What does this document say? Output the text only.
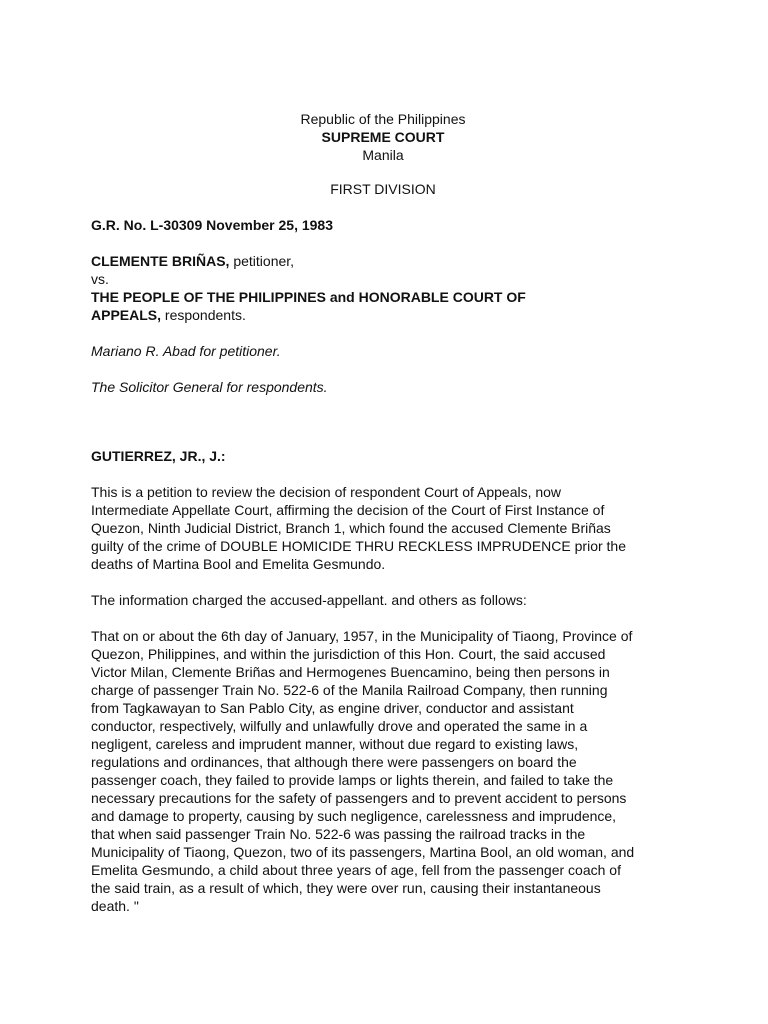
Republic of the Philippines
SUPREME COURT
Manila
FIRST DIVISION
G.R. No. L-30309 November 25, 1983
CLEMENTE BRIÑAS, petitioner,
vs.
THE PEOPLE OF THE PHILIPPINES and HONORABLE COURT OF
APPEALS, respondents.
Mariano R. Abad for petitioner.
The Solicitor General for respondents.
GUTIERREZ, JR., J.:
This is a petition to review the decision of respondent Court of Appeals, now
Intermediate Appellate Court, affirming the decision of the Court of First Instance of
Quezon, Ninth Judicial District, Branch 1, which found the accused Clemente Briñas
guilty of the crime of DOUBLE HOMICIDE THRU RECKLESS IMPRUDENCE prior the
deaths of Martina Bool and Emelita Gesmundo.
The information charged the accused-appellant. and others as follows:
That on or about the 6th day of January, 1957, in the Municipality of Tiaong, Province of
Quezon, Philippines, and within the jurisdiction of this Hon. Court, the said accused
Victor Milan, Clemente Briñas and Hermogenes Buencamino, being then persons in
charge of passenger Train No. 522-6 of the Manila Railroad Company, then running
from Tagkawayan to San Pablo City, as engine driver, conductor and assistant
conductor, respectively, wilfully and unlawfully drove and operated the same in a
negligent, careless and imprudent manner, without due regard to existing laws,
regulations and ordinances, that although there were passengers on board the
passenger coach, they failed to provide lamps or lights therein, and failed to take the
necessary precautions for the safety of passengers and to prevent accident to persons
and damage to property, causing by such negligence, carelessness and imprudence,
that when said passenger Train No. 522-6 was passing the railroad tracks in the
Municipality of Tiaong, Quezon, two of its passengers, Martina Bool, an old woman, and
Emelita Gesmundo, a child about three years of age, fell from the passenger coach of
the said train, as a result of which, they were over run, causing their instantaneous
death. "
